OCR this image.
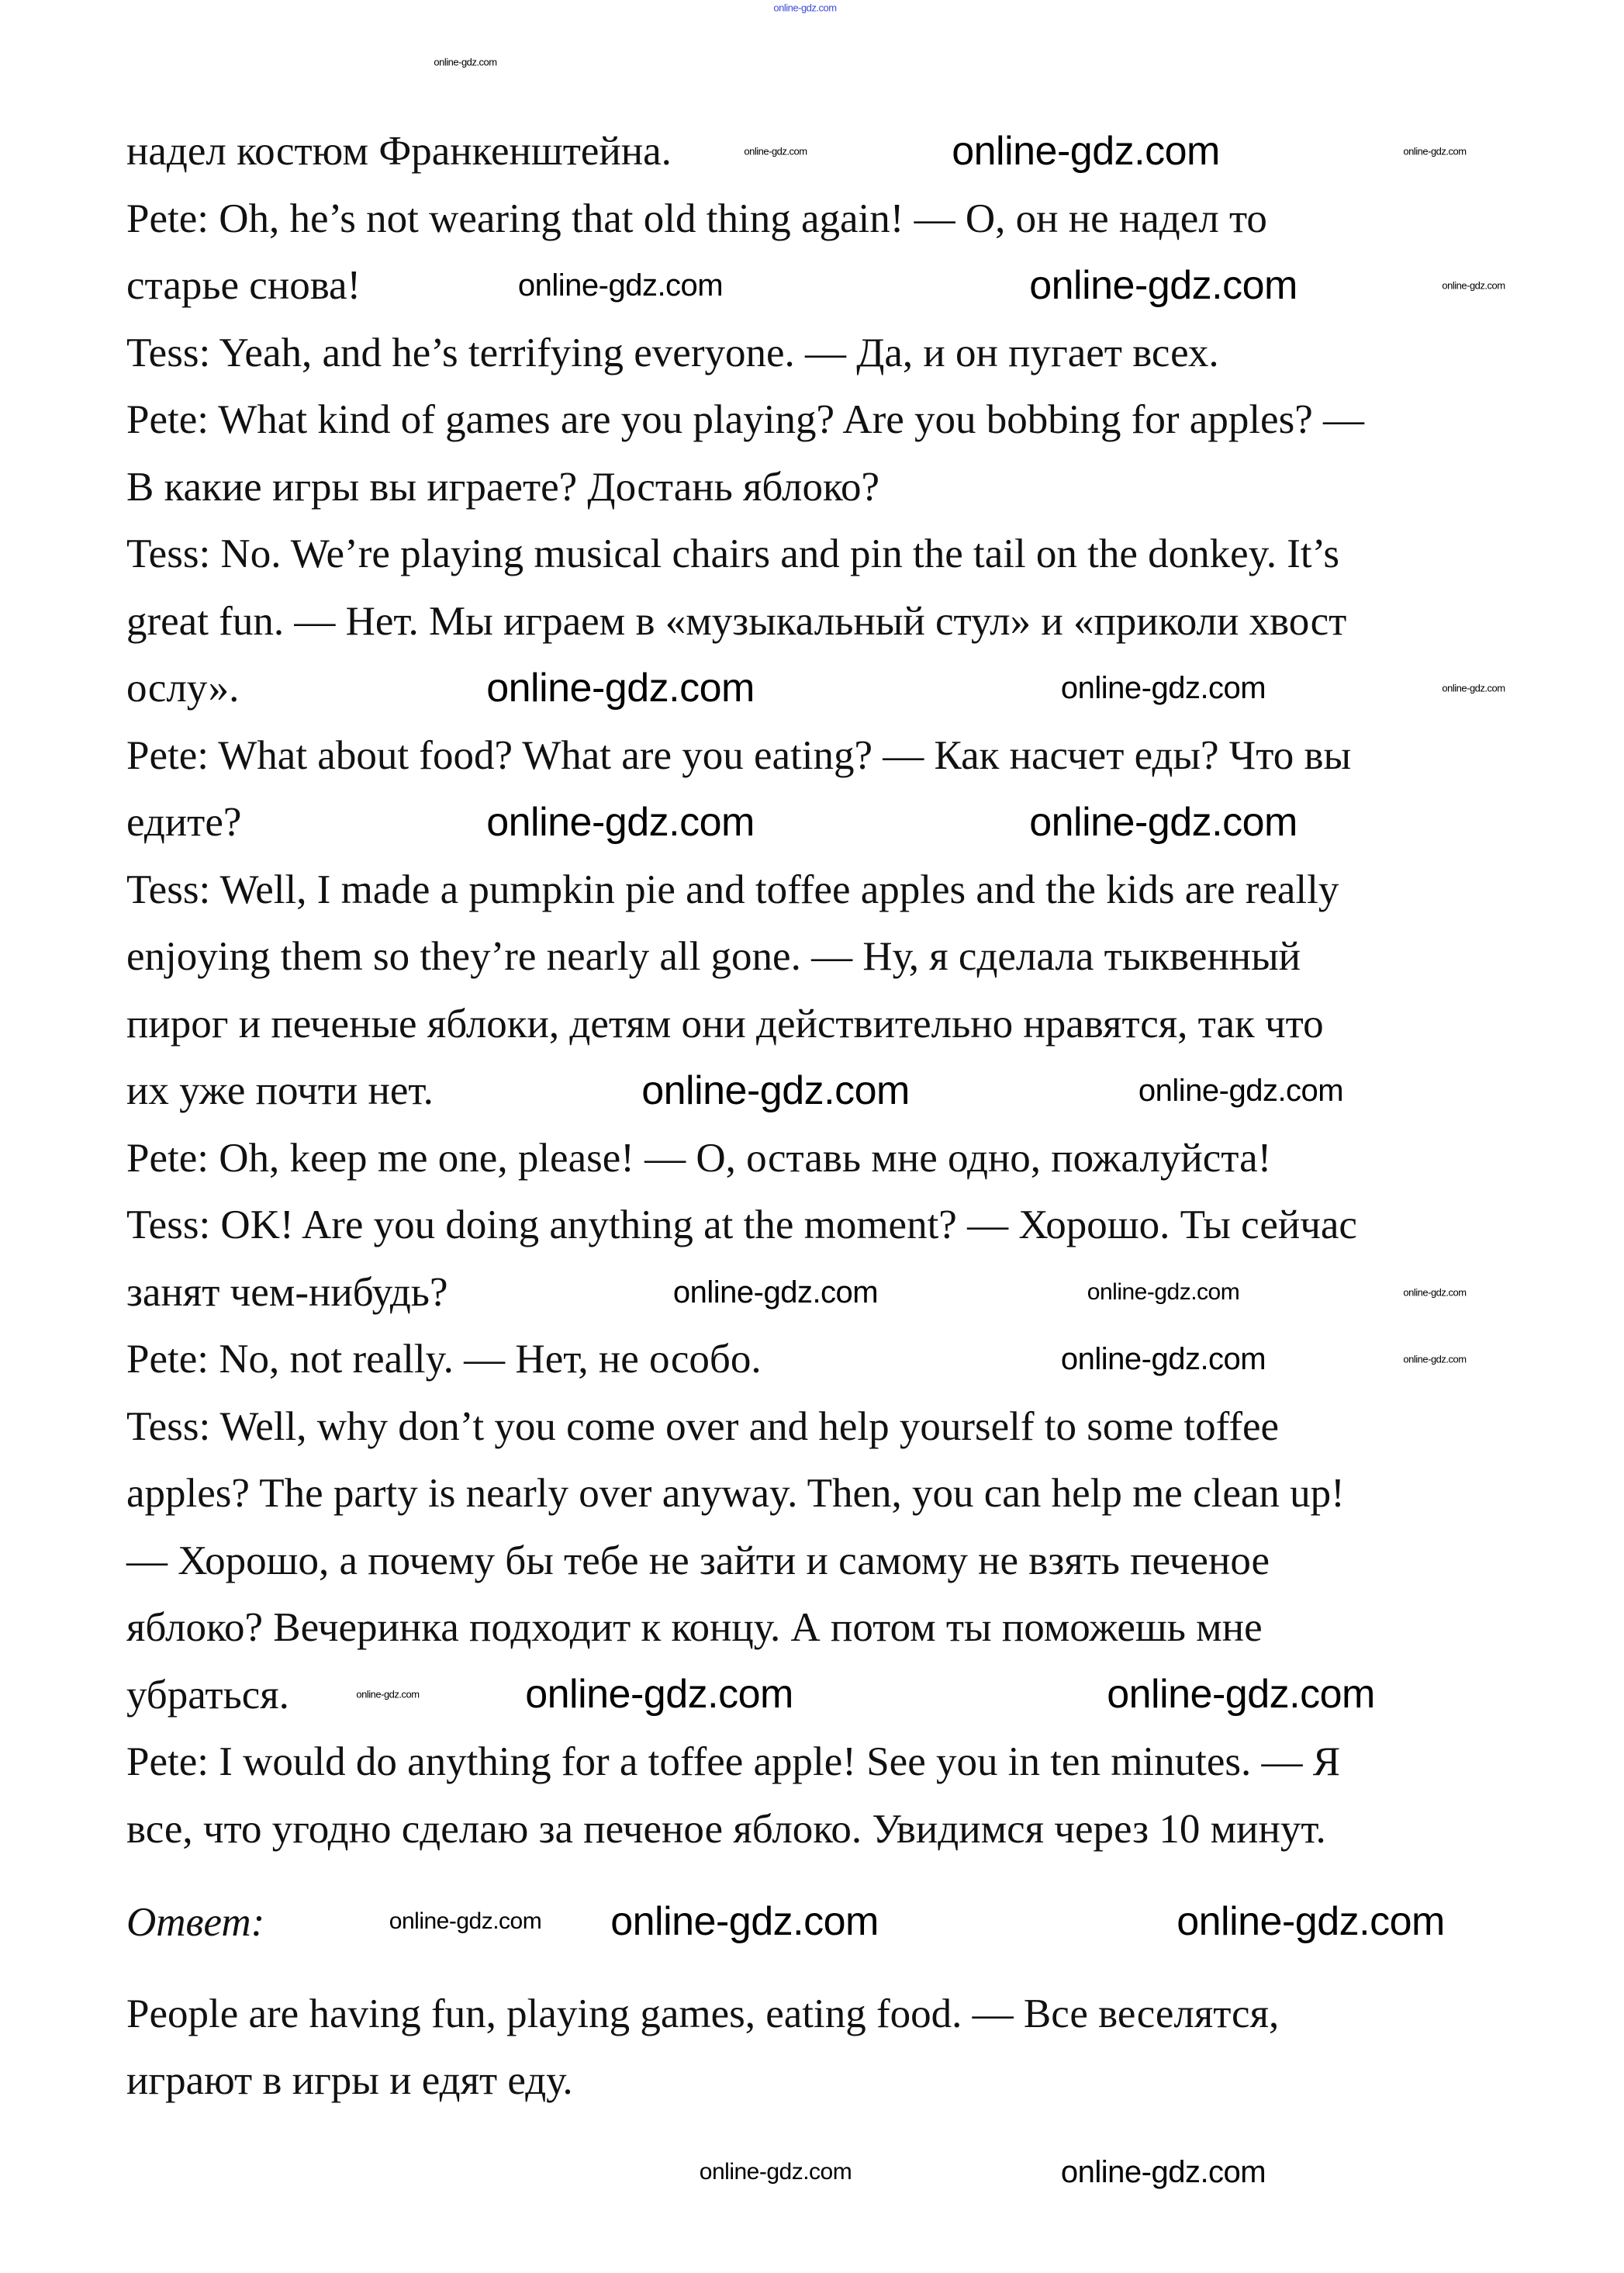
надел костюм Франкенштейна.
Pete: Oh, he’s not wearing that old thing again! — О, он не надел то
старье снова!
Tess: Yeah, and he’s terrifying everyone. — Да, и он пугает всех.
Pete: What kind of games are you playing? Are you bobbing for apples? —
В какие игры вы играете? Достань яблоко?
Tess: No. We’re playing musical chairs and pin the tail on the donkey. It’s
great fun. — Нет. Мы играем в «музыкальный стул» и «приколи хвост
ослу».
Pete: What about food? What are you eating? — Как насчет еды? Что вы
едите?
Tess: Well, I made a pumpkin pie and toffee apples and the kids are really
enjoying them so they’re nearly all gone. — Ну, я сделала тыквенный
пирог и печеные яблоки, детям они действительно нравятся, так что
их уже почти нет.
Pete: Oh, keep me one, please! — О, оставь мне одно, пожалуйста!
Tess: OK! Are you doing anything at the moment? — Хорошо. Ты сейчас
занят чем-нибудь?
Pete: No, not really. — Нет, не особо.
Tess: Well, why don’t you come over and help yourself to some toffee
apples? The party is nearly over anyway. Then, you can help me clean up!
— Хорошо, а почему бы тебе не зайти и самому не взять печеное
яблоко? Вечеринка подходит к концу. А потом ты поможешь мне
убраться.
Pete: I would do anything for a toffee apple! See you in ten minutes. — Я
все, что угодно сделаю за печеное яблоко. Увидимся через 10 минут.
Ответ:
People are having fun, playing games, eating food. — Все веселятся,
играют в игры и едят еду.
online-gdz.com
online-gdz.com
online-gdz.com	online-gdz.com	online-gdz.com
online-gdz.com	online-gdz.com	online-gdz.com
online-gdz.com	online-gdz.com	online-gdz.com
online-gdz.com	online-gdz.com
online-gdz.com	online-gdz.com
online-gdz.com	online-gdz.com	online-gdz.com
online-gdz.com	online-gdz.com
online-gdz.com	online-gdz.com	online-gdz.com
online-gdz.com online-gdz.com	online-gdz.com
online-gdz.com	online-gdz.com
